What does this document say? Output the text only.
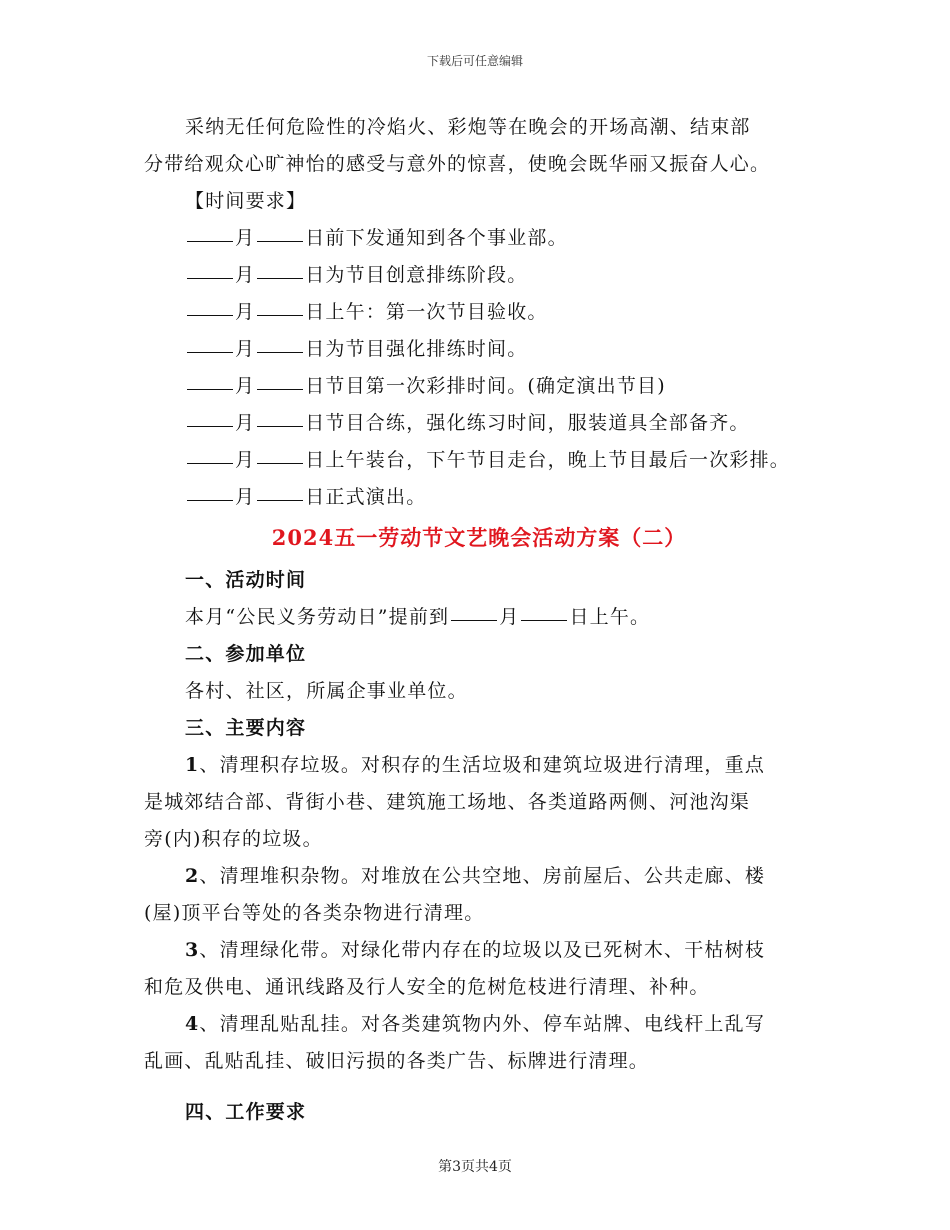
下载后可任意编辑

采纳无任何危险性的冷焰火、彩炮等在晚会的开场高潮、结束部

分带给观众心旷神怡的感受与意外的惊喜，使晚会既华丽又振奋人心。

【时间要求】

月	日前下发通知到各个事业部。

月	日为节目创意排练阶段。

月	日上午：第一次节目验收。

月	日为节目强化排练时间。

月	日节目第一次彩排时间。(确定演出节目)

月	日节目合练，强化练习时间，服装道具全部备齐。

月	日上午装台，下午节目走台，晚上节目最后一次彩排。

月	日正式演出。

2024五一劳动节文艺晚会活动方案（二）

一、活动时间

本月“公民义务劳动日”提前到	月	日上午。

二、参加单位

各村、社区，所属企事业单位。

三、主要内容

1、清理积存垃圾。对积存的生活垃圾和建筑垃圾进行清理，重点

是城郊结合部、背街小巷、建筑施工场地、各类道路两侧、河池沟渠

旁(内)积存的垃圾。

2、清理堆积杂物。对堆放在公共空地、房前屋后、公共走廊、楼

(屋)顶平台等处的各类杂物进行清理。

3、清理绿化带。对绿化带内存在的垃圾以及已死树木、干枯树枝

和危及供电、通讯线路及行人安全的危树危枝进行清理、补种。

4、清理乱贴乱挂。对各类建筑物内外、停车站牌、电线杆上乱写

乱画、乱贴乱挂、破旧污损的各类广告、标牌进行清理。

四、工作要求

第3页共4页
